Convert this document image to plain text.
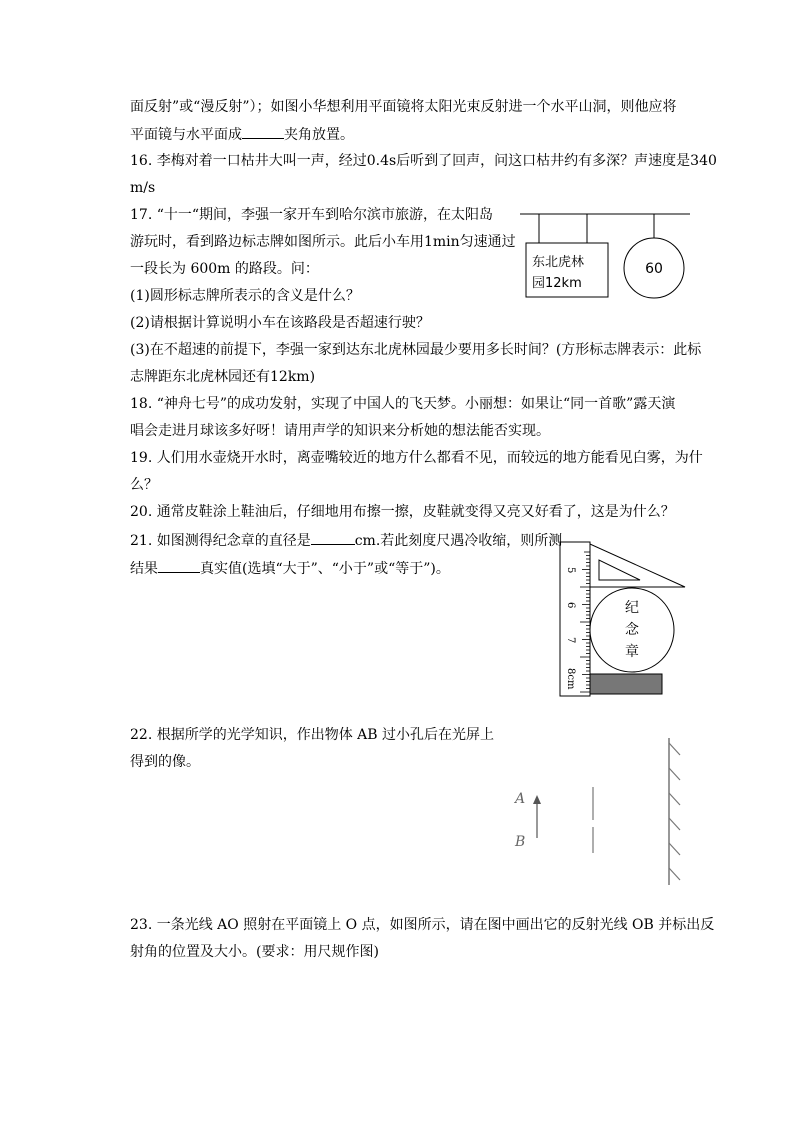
面反射”或“漫反射”）；如图小华想利用平面镜将太阳光束反射进一个水平山洞，则他应将
平面镜与水平面成	夹角放置。
16. 李梅对着一口枯井大叫一声，经过0.4s后听到了回声，问这口枯井约有多深？声速度是340
m/s
17. “十一“期间，李强一家开车到哈尔滨市旅游，在太阳岛
游玩时，看到路边标志牌如图所示。此后小车用1min匀速通过
一段长为 600m 的路段。问：
(1)圆形标志牌所表示的含义是什么？
(2)请根据计算说明小车在该路段是否超速行驶？
(3)在不超速的前提下，李强一家到达东北虎林园最少要用多长时间？(方形标志牌表示：此标
志牌距东北虎林园还有12km)
东北虎林
园12km
60
18. “神舟七号”的成功发射，实现了中国人的飞天梦。小丽想：如果让“同一首歌”露天演
唱会走进月球该多好呀！请用声学的知识来分析她的想法能否实现。
19. 人们用水壶烧开水时，离壶嘴较近的地方什么都看不见，而较远的地方能看见白雾，为什
么？
20. 通常皮鞋涂上鞋油后，仔细地用布擦一擦，皮鞋就变得又亮又好看了，这是为什么？
21. 如图测得纪念章的直径是	cm.若此刻度尺遇冷收缩，则所测
结果	真实值(选填“大于”、“小于”或“等于”)。	5
6
7
8cm
纪
念
章
22. 根据所学的光学知识，作出物体 AB 过小孔后在光屏上
得到的像。
A
B
23. 一条光线 AO 照射在平面镜上 O 点，如图所示，请在图中画出它的反射光线 OB 并标出反
射角的位置及大小。(要求：用尺规作图)
